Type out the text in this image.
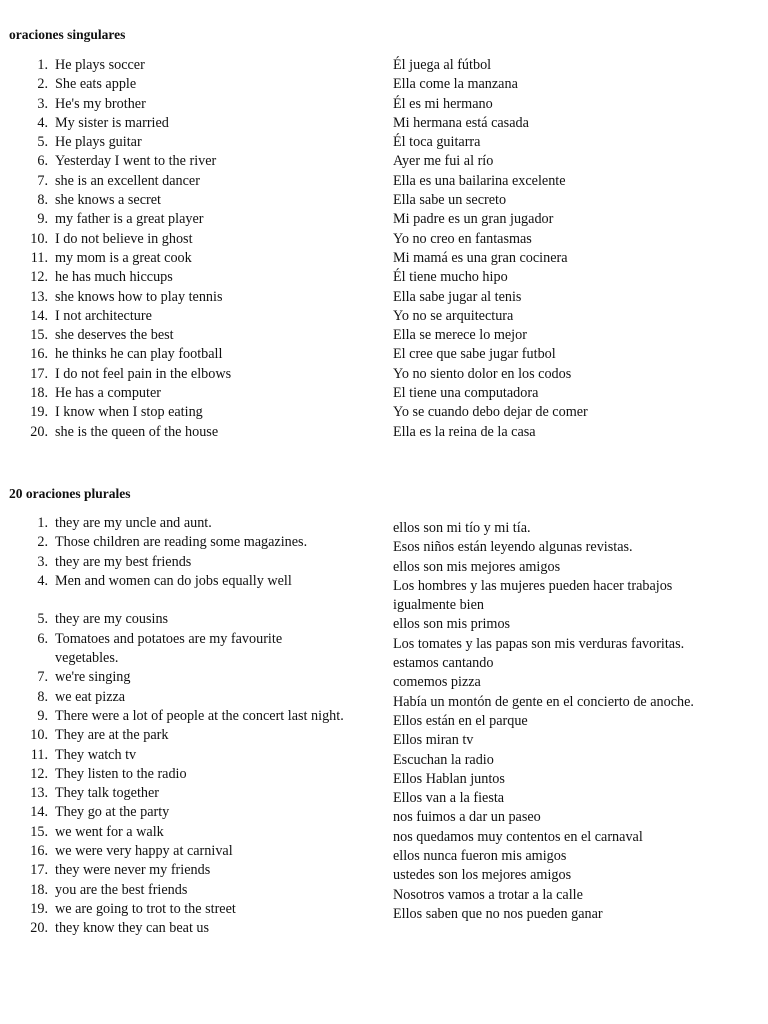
oraciones singulares
1. He plays soccer
2. She eats apple
3. He's my brother
4. My sister is married
5. He plays guitar
6. Yesterday I went to the river
7. she is an excellent dancer
8. she knows a secret
9. my father is a great player
10. I do not believe in ghost
11. my mom is a great cook
12. he has much hiccups
13. she knows how to play tennis
14. I not architecture
15. she deserves the best
16. he thinks he can play football
17. I do not feel pain in the elbows
18. He has a computer
19. I know when I stop eating
20. she is the queen of the house
Él juega al fútbol
Ella come la manzana
Él es mi hermano
Mi hermana está casada
Él toca guitarra
Ayer me fui al río
Ella es una bailarina excelente
Ella sabe un secreto
Mi padre es un gran jugador
Yo no creo en fantasmas
Mi mamá es una gran cocinera
Él tiene mucho hipo
Ella sabe jugar al tenis
Yo no se arquitectura
Ella se merece lo mejor
El cree que sabe jugar futbol
Yo no siento dolor en los codos
El tiene una computadora
Yo se cuando debo dejar de comer
Ella es la reina de la casa
20 oraciones plurales
1. they are my uncle and aunt.
2. Those children are reading some magazines.
3. they are my best friends
4. Men and women can do jobs equally well
5. they are my cousins
6. Tomatoes and potatoes are my favourite vegetables.
7. we're singing
8. we eat pizza
9. There were a lot of people at the concert last night.
10. They are at the park
11. They watch tv
12. They listen to the radio
13. They talk together
14. They go at the party
15. we went for a walk
16. we were very happy at carnival
17. they were never my friends
18. you are the best friends
19. we are going to trot to the street
20. they know they can beat us
ellos son mi tío y mi tía.
Esos niños están leyendo algunas revistas.
ellos son mis mejores amigos
Los hombres y las mujeres pueden hacer trabajos
igualmente bien
ellos son mis primos
Los tomates y las papas son mis verduras favoritas.
estamos cantando
comemos pizza
Había un montón de gente en el concierto de anoche.
Ellos están en el parque
Ellos miran tv
Escuchan la radio
Ellos Hablan juntos
Ellos van a la fiesta
nos fuimos a dar un paseo
nos quedamos muy contentos en el carnaval
ellos nunca fueron mis amigos
ustedes son los mejores amigos
Nosotros vamos a trotar a la calle
Ellos saben que no nos pueden ganar
